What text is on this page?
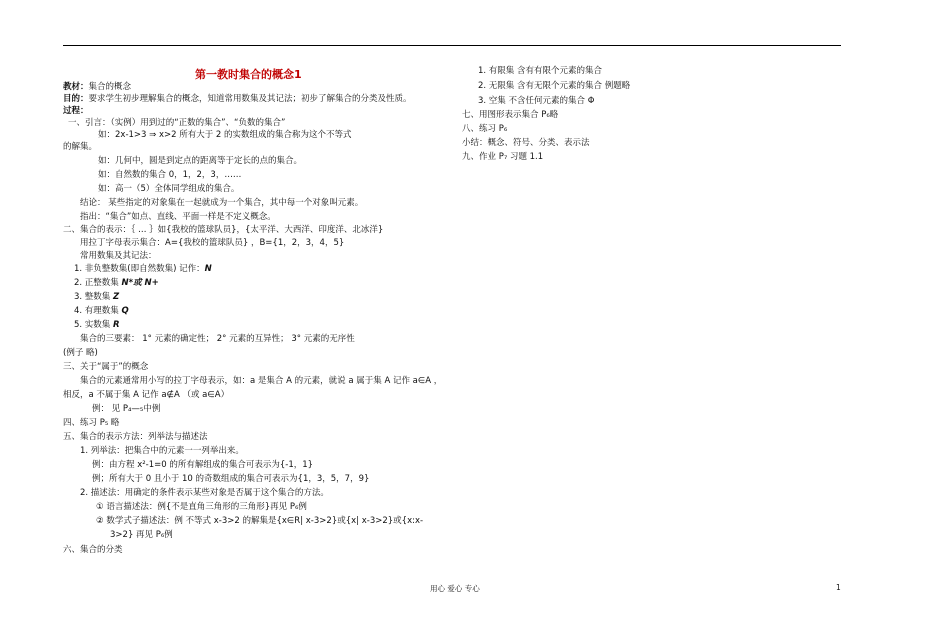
第一教时集合的概念1
教材：集合的概念
目的：要求学生初步理解集合的概念，知道常用数集及其记法；初步了解集合的分类及性质。
过程：
一、引言：（实例）用到过的“正数的集合”、“负数的集合”
如：2x-1>3 ⇒ x>2 所有大于 2 的实数组成的集合称为这个不等式
的解集。
如：几何中，圆是到定点的距离等于定长的点的集合。
如：自然数的集合 0，1，2，3，……
如：高一（5）全体同学组成的集合。
结论： 某些指定的对象集在一起就成为一个集合，其中每一个对象叫元素。
指出：“集合”如点、直线、平面一样是不定义概念。
二、集合的表示：｛ … ｝如{我校的篮球队员}，{太平洋、大西洋、印度洋、北冰洋}
用拉丁字母表示集合：A={我校的篮球队员} ，B={1，2，3，4，5}
常用数集及其记法：
1. 非负整数集(即自然数集) 记作：N
2. 正整数集 N*或 N+
3. 整数集 Z
4. 有理数集 Q
5. 实数集 R
集合的三要素： 1° 元素的确定性； 2° 元素的互异性； 3° 元素的无序性
(例子 略)
三、关于“属于”的概念
集合的元素通常用小写的拉丁字母表示，如：a 是集合 A 的元素，就说 a 属于集 A 记作 a∈A ，
相反，a 不属于集 A 记作 a∉A （或 a∈A）
例： 见 P₄—₅中例
四、练习 P₅ 略
五、集合的表示方法：列举法与描述法
1. 列举法：把集合中的元素一一列举出来。
例：由方程 x²-1=0 的所有解组成的集合可表示为{-1，1}
例；所有大于 0 且小于 10 的奇数组成的集合可表示为{1，3，5，7，9}
2. 描述法：用确定的条件表示某些对象是否属于这个集合的方法。
① 语言描述法：例{不是直角三角形的三角形}再见 P₆例
② 数学式子描述法：例 不等式 x-3>2 的解集是{x∈R| x-3>2}或{x| x-3>2}或{x:x-
3>2} 再见 P₆例
六、集合的分类
1. 有限集 含有有限个元素的集合
2. 无限集 含有无限个元素的集合 例题略
3. 空集 不含任何元素的集合 Φ
七、用图形表示集合 P₆略
八、练习 P₆
小结：概念、符号、分类、表示法
九、作业 P₇ 习题 1.1
用心 爱心 专心	1
